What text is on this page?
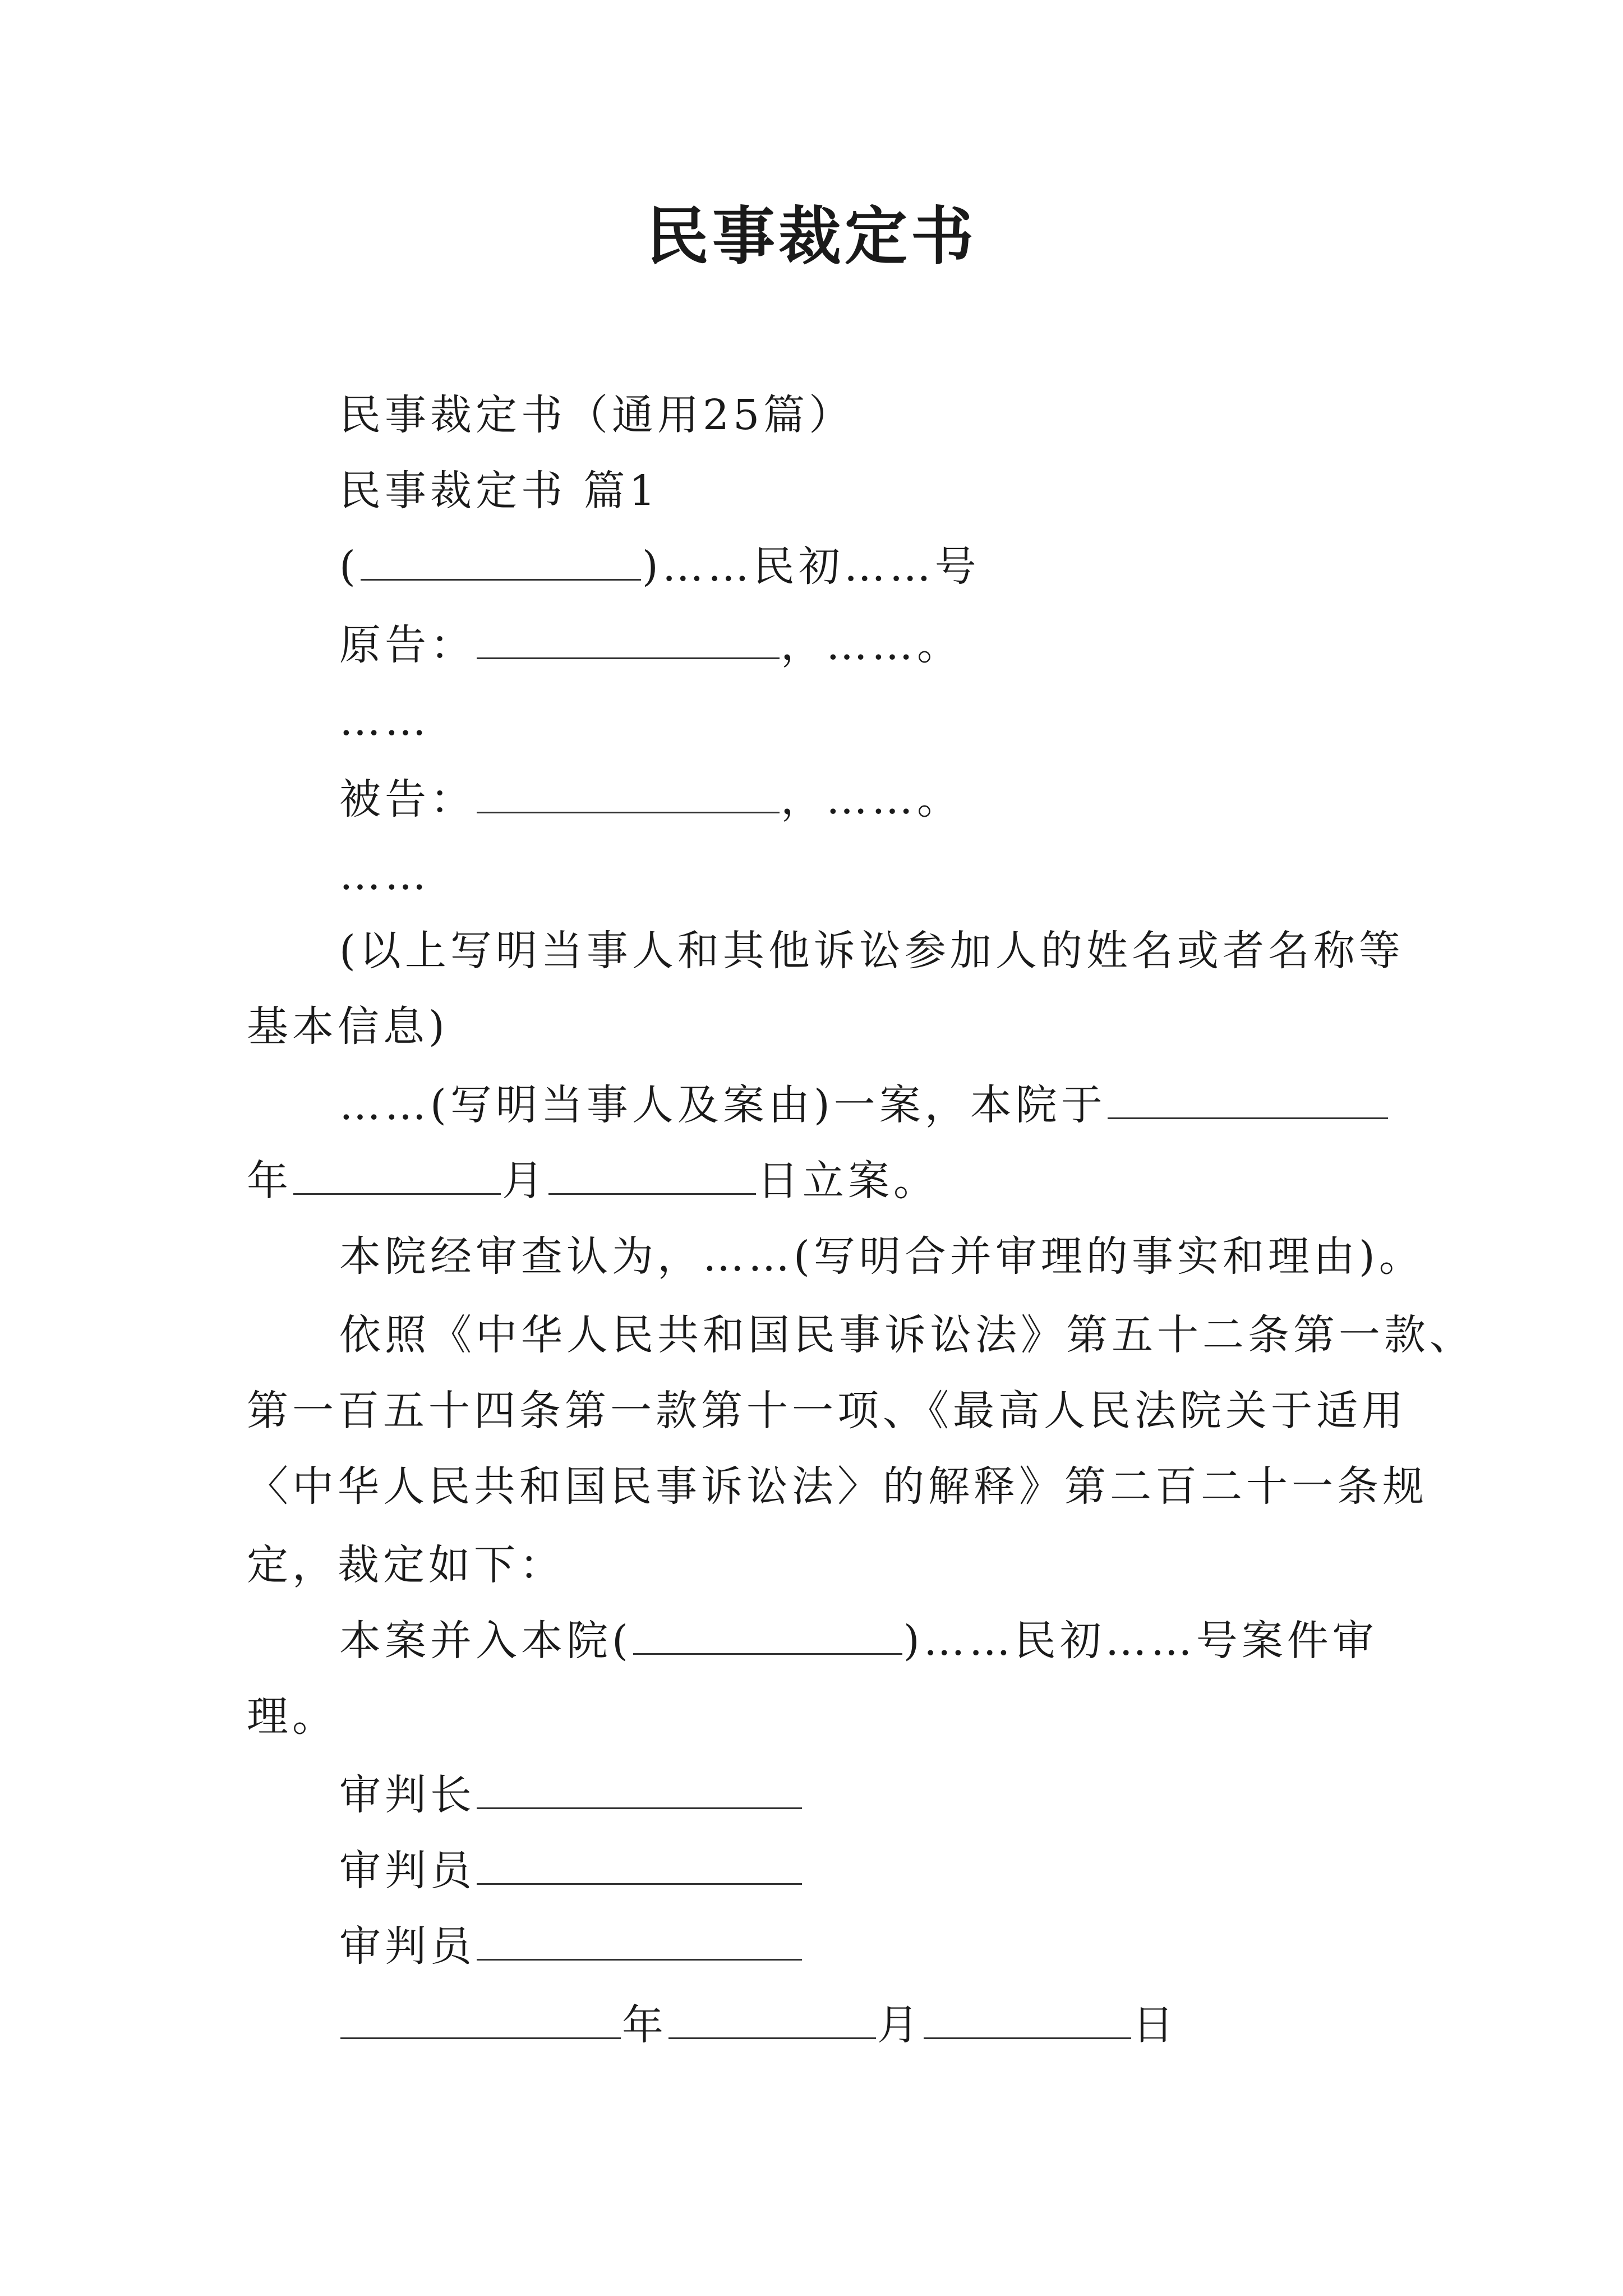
民事裁定书
民事裁定书（通用25篇）
民事裁定书 篇1
(	)……民初……号
原告：	，……。
……
被告：	，……。
……
(以上写明当事人和其他诉讼参加人的姓名或者名称等
基本信息)
……(写明当事人及案由)一案，本院于
年	月	日立案。
本院经审查认为，……(写明合并审理的事实和理由)。
依照《中华人民共和国民事诉讼法》第五十二条第一款、
第一百五十四条第一款第十一项、《最高人民法院关于适用
〈中华人民共和国民事诉讼法〉的解释》第二百二十一条规
定，裁定如下：
本案并入本院(	)……民初……号案件审
理。
审判长
审判员
审判员
年	月	日
